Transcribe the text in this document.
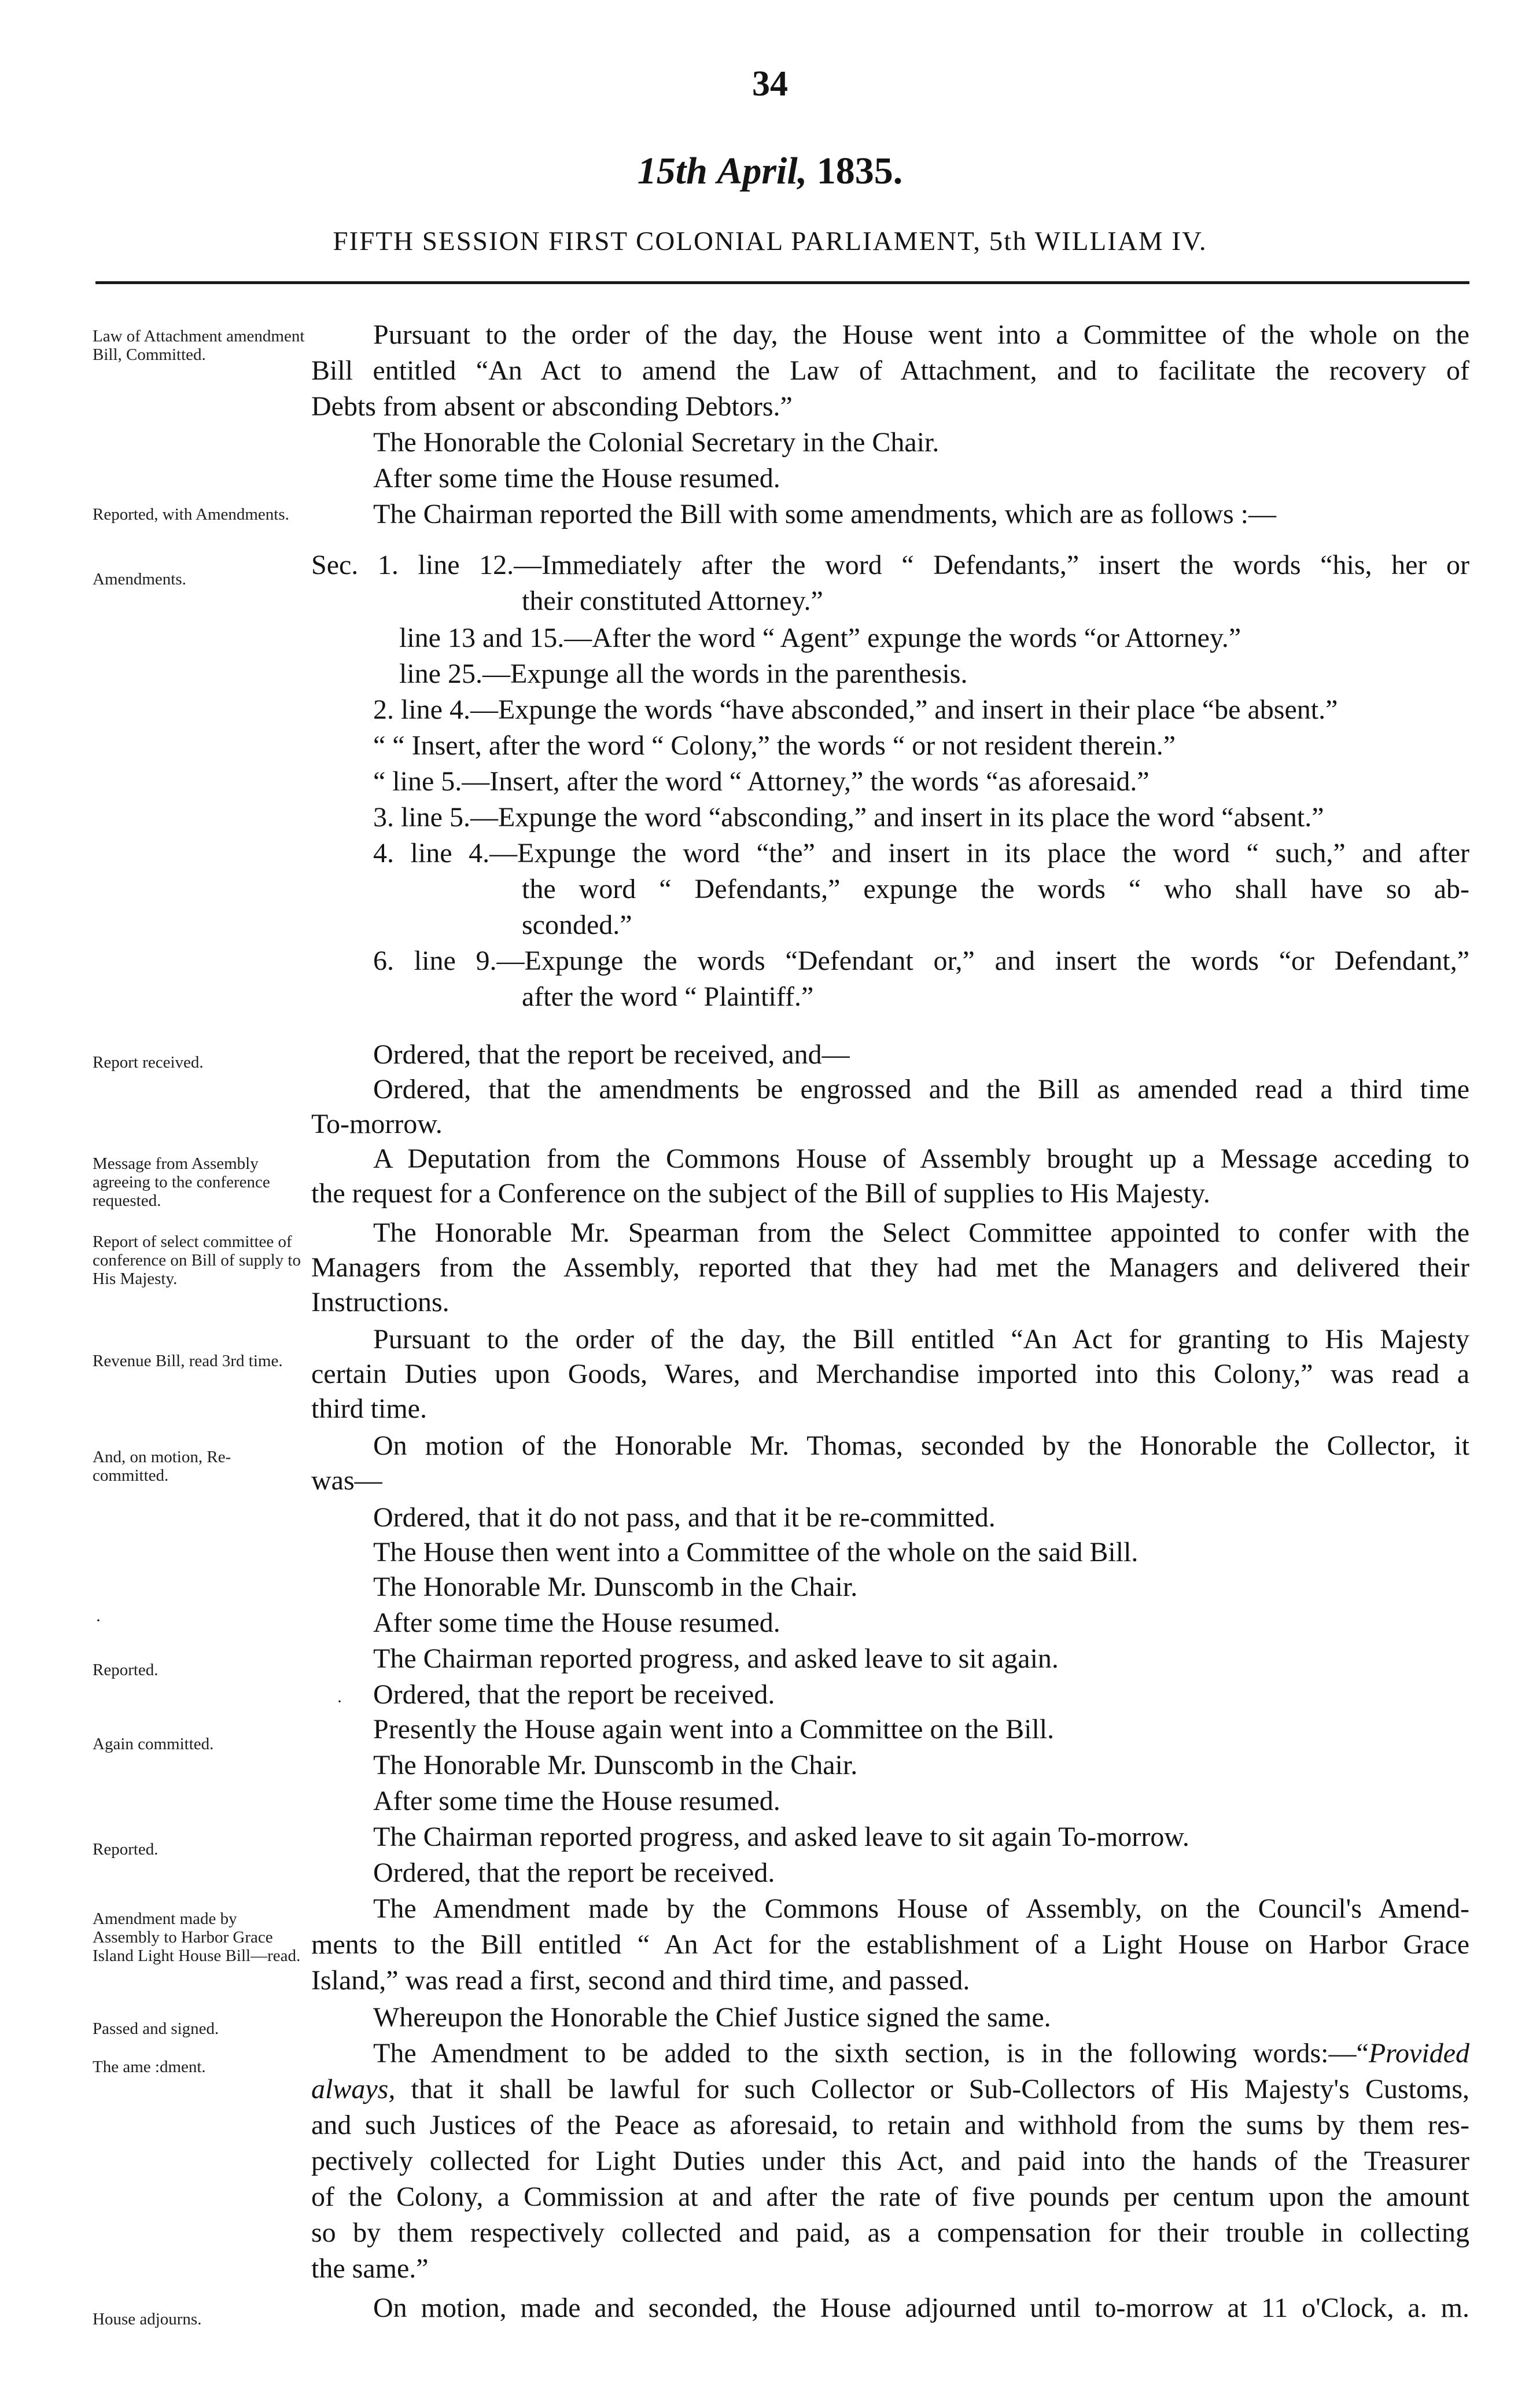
34
15th April, 1835.
FIFTH SESSION FIRST COLONIAL PARLIAMENT, 5th WILLIAM IV.
Law of Attachment amendment Bill, Committed.
Reported, with Amendments.
Amendments.
Report received.
Message from Assembly agreeing to the conference requested.
Report of select committee of conference on Bill of supply to His Majesty.
Revenue Bill, read 3rd time.
And, on motion, Re-committed.
Reported.
Again committed.
Reported.
Amendment made by Assembly to Harbor Grace Island Light House Bill—read.
Passed and signed.
The ame :dment.
House adjourns.
Pursuant to the order of the day, the House went into a Committee of the whole on the
Bill entitled “An Act to amend the Law of Attachment, and to facilitate the recovery of
Debts from absent or absconding Debtors.”
The Honorable the Colonial Secretary in the Chair.
After some time the House resumed.
The Chairman reported the Bill with some amendments, which are as follows :—
Sec. 1. line 12.—Immediately after the word “ Defendants,” insert the words “his, her or
their constituted Attorney.”
line 13 and 15.—After the word “ Agent” expunge the words “or Attorney.”
line 25.—Expunge all the words in the parenthesis.
2. line 4.—Expunge the words “have absconded,” and insert in their place “be absent.”
“ “ Insert, after the word “ Colony,” the words “ or not resident therein.”
“ line 5.—Insert, after the word “ Attorney,” the words “as aforesaid.”
3. line 5.—Expunge the word “absconding,” and insert in its place the word “absent.”
4. line 4.—Expunge the word “the” and insert in its place the word “ such,” and after
the word “ Defendants,” expunge the words “ who shall have so ab-
sconded.”
6. line 9.—Expunge the words “Defendant or,” and insert the words “or Defendant,”
after the word “ Plaintiff.”
Ordered, that the report be received, and—
Ordered, that the amendments be engrossed and the Bill as amended read a third time
To-morrow.
A Deputation from the Commons House of Assembly brought up a Message acceding to
the request for a Conference on the subject of the Bill of supplies to His Majesty.
The Honorable Mr. Spearman from the Select Committee appointed to confer with the
Managers from the Assembly, reported that they had met the Managers and delivered their
Instructions.
Pursuant to the order of the day, the Bill entitled “An Act for granting to His Majesty
certain Duties upon Goods, Wares, and Merchandise imported into this Colony,” was read a
third time.
On motion of the Honorable Mr. Thomas, seconded by the Honorable the Collector, it
was—
Ordered, that it do not pass, and that it be re-committed.
The House then went into a Committee of the whole on the said Bill.
The Honorable Mr. Dunscomb in the Chair.
After some time the House resumed.
The Chairman reported progress, and asked leave to sit again.
Ordered, that the report be received.
Presently the House again went into a Committee on the Bill.
The Honorable Mr. Dunscomb in the Chair.
After some time the House resumed.
The Chairman reported progress, and asked leave to sit again To-morrow.
Ordered, that the report be received.
The Amendment made by the Commons House of Assembly, on the Council's Amend-
ments to the Bill entitled “ An Act for the establishment of a Light House on Harbor Grace
Island,” was read a first, second and third time, and passed.
Whereupon the Honorable the Chief Justice signed the same.
The Amendment to be added to the sixth section, is in the following words:—“Provided
always, that it shall be lawful for such Collector or Sub-Collectors of His Majesty's Customs,
and such Justices of the Peace as aforesaid, to retain and withhold from the sums by them res-
pectively collected for Light Duties under this Act, and paid into the hands of the Treasurer
of the Colony, a Commission at and after the rate of five pounds per centum upon the amount
so by them respectively collected and paid, as a compensation for their trouble in collecting
the same.”
On motion, made and seconded, the House adjourned until to-morrow at 11 o'Clock, a. m.
·
·
